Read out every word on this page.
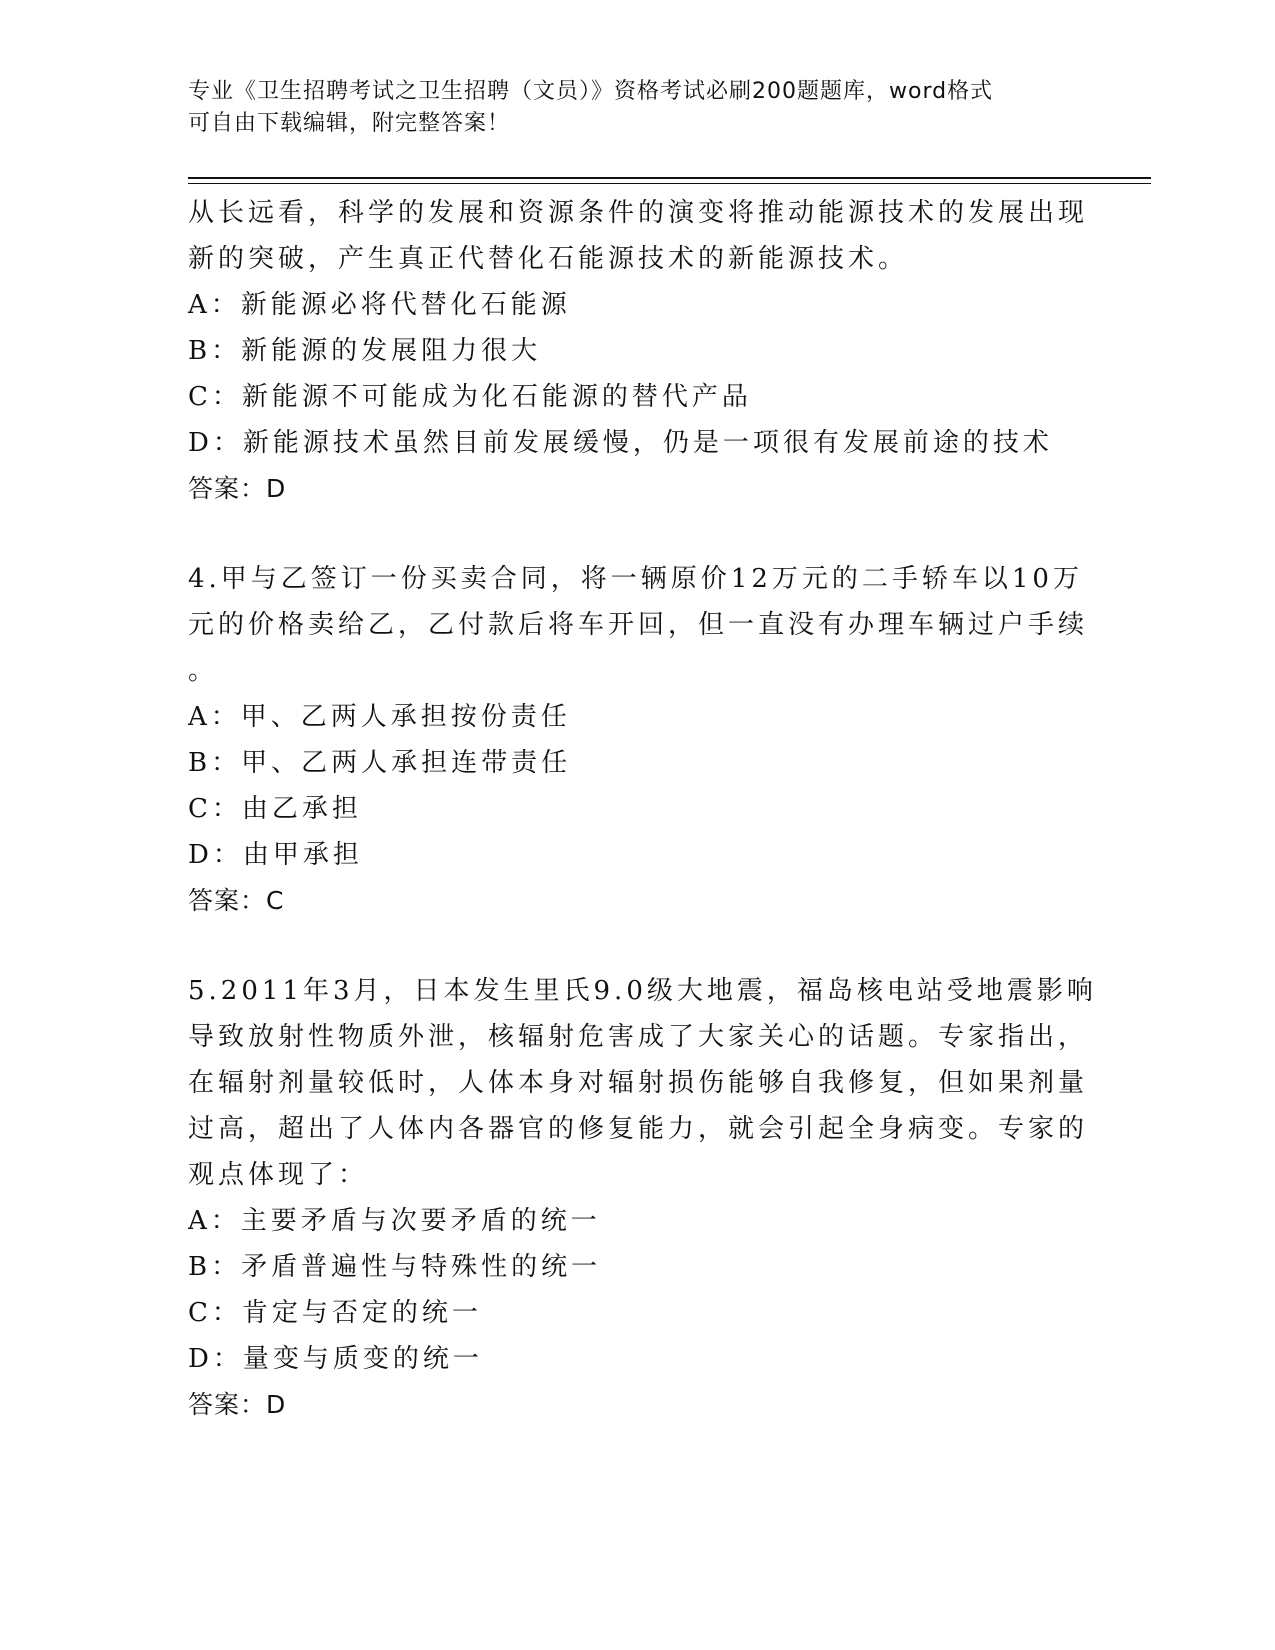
专业《卫生招聘考试之卫生招聘（文员）》资格考试必刷200题题库，word格式
可自由下载编辑，附完整答案！
从长远看，科学的发展和资源条件的演变将推动能源技术的发展出现
新的突破，产生真正代替化石能源技术的新能源技术。
A：新能源必将代替化石能源
B：新能源的发展阻力很大
C：新能源不可能成为化石能源的替代产品
D：新能源技术虽然目前发展缓慢，仍是一项很有发展前途的技术
答案：D
4.甲与乙签订一份买卖合同，将一辆原价12万元的二手轿车以10万
元的价格卖给乙，乙付款后将车开回，但一直没有办理车辆过户手续
。
A：甲、乙两人承担按份责任
B：甲、乙两人承担连带责任
C：由乙承担
D：由甲承担
答案：C
5.2011年3月，日本发生里氏9.0级大地震，福岛核电站受地震影响
导致放射性物质外泄，核辐射危害成了大家关心的话题。专家指出，
在辐射剂量较低时，人体本身对辐射损伤能够自我修复，但如果剂量
过高，超出了人体内各器官的修复能力，就会引起全身病变。专家的
观点体现了：
A：主要矛盾与次要矛盾的统一
B：矛盾普遍性与特殊性的统一
C：肯定与否定的统一
D：量变与质变的统一
答案：D
